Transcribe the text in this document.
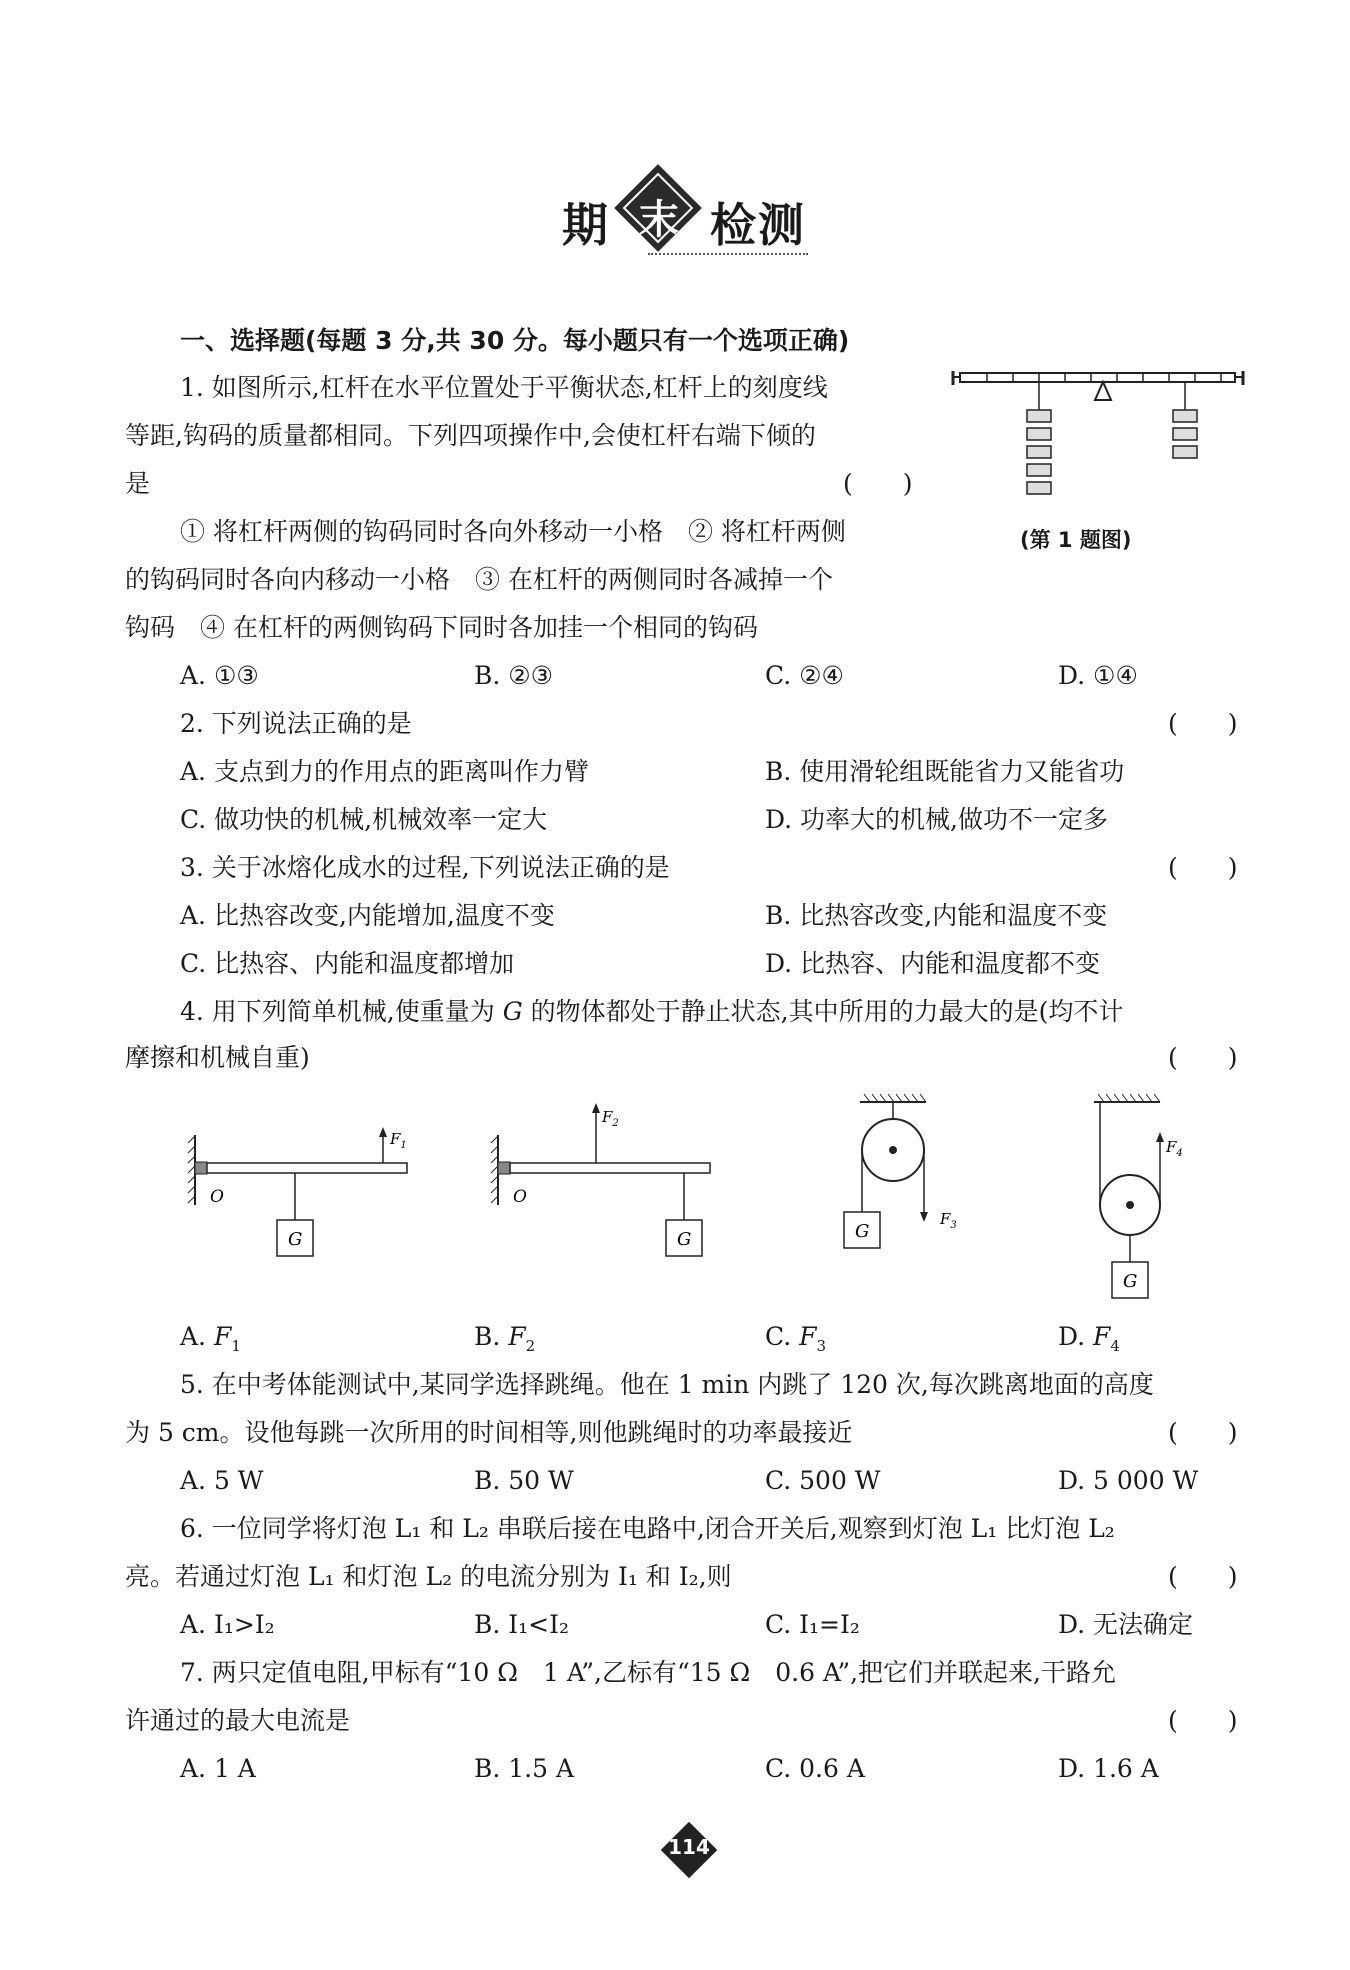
期 末 检 测
一、选择题(每题 3 分,共 30 分。每小题只有一个选项正确)
1. 如图所示,杠杆在水平位置处于平衡状态,杠杆上的刻度线
等距,钩码的质量都相同。下列四项操作中,会使杠杆右端下倾的
是	(　　)
① 将杠杆两侧的钩码同时各向外移动一小格　② 将杠杆两侧
的钩码同时各向内移动一小格　③ 在杠杆的两侧同时各减掉一个
钩码　④ 在杠杆的两侧钩码下同时各加挂一个相同的钩码
(第 1 题图)
A. ①③	B. ②③	C. ②④	D. ①④
2. 下列说法正确的是	(　　)
A. 支点到力的作用点的距离叫作力臂	B. 使用滑轮组既能省力又能省功
C. 做功快的机械,机械效率一定大	D. 功率大的机械,做功不一定多
3. 关于冰熔化成水的过程,下列说法正确的是	(　　)
A. 比热容改变,内能增加,温度不变	B. 比热容改变,内能和温度不变
C. 比热容、内能和温度都增加	D. 比热容、内能和温度都不变
4. 用下列简单机械,使重量为 G 的物体都处于静止状态,其中所用的力最大的是(均不计
摩擦和机械自重)	(　　)
G
O
$F_1$
$F_2$
G
O
$F_3$
G
$F_4$
G
A. $F_1$	B. $F_2$	C. $F_3$	D. $F_4$
5. 在中考体能测试中,某同学选择跳绳。他在 1 min 内跳了 120 次,每次跳离地面的高度
为 5 cm。设他每跳一次所用的时间相等,则他跳绳时的功率最接近	(　　)
A. 5 W	B. 50 W	C. 500 W	D. 5 000 W
6. 一位同学将灯泡 L₁ 和 L₂ 串联后接在电路中,闭合开关后,观察到灯泡 L₁ 比灯泡 L₂
亮。若通过灯泡 L₁ 和灯泡 L₂ 的电流分别为 I₁ 和 I₂,则	(　　)
A. I₁>I₂	B. I₁<I₂	C. I₁=I₂	D. 无法确定
7. 两只定值电阻,甲标有“10 Ω　1 A”,乙标有“15 Ω　0.6 A”,把它们并联起来,干路允
许通过的最大电流是	(　　)
A. 1 A	B. 1.5 A	C. 0.6 A	D. 1.6 A
114
